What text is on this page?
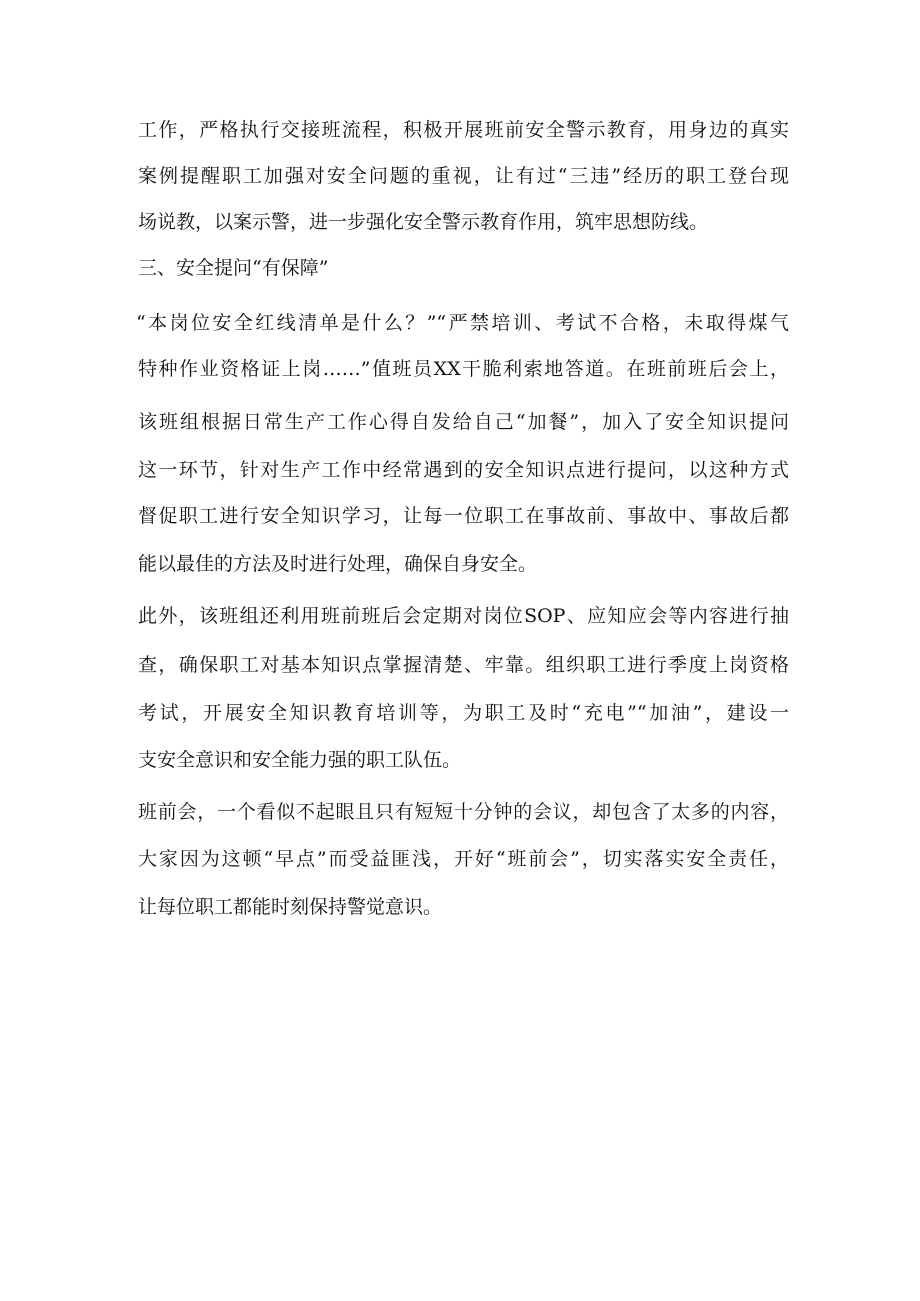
工作，严格执行交接班流程，积极开展班前安全警示教育，用身边的真实

案例提醒职工加强对安全问题的重视，让有过“三违”经历的职工登台现

场说教，以案示警，进一步强化安全警示教育作用，筑牢思想防线。

三、安全提问“有保障”

“本岗位安全红线清单是什么？”“严禁培训、考试不合格，未取得煤气

特种作业资格证上岗……”值班员XX干脆利索地答道。在班前班后会上，

该班组根据日常生产工作心得自发给自己“加餐”，加入了安全知识提问

这一环节，针对生产工作中经常遇到的安全知识点进行提问，以这种方式

督促职工进行安全知识学习，让每一位职工在事故前、事故中、事故后都

能以最佳的方法及时进行处理，确保自身安全。

此外，该班组还利用班前班后会定期对岗位SOP、应知应会等内容进行抽

查，确保职工对基本知识点掌握清楚、牢靠。组织职工进行季度上岗资格

考试，开展安全知识教育培训等，为职工及时“充电”“加油”，建设一

支安全意识和安全能力强的职工队伍。

班前会，一个看似不起眼且只有短短十分钟的会议，却包含了太多的内容，

大家因为这顿“早点”而受益匪浅，开好“班前会”，切实落实安全责任，

让每位职工都能时刻保持警觉意识。
